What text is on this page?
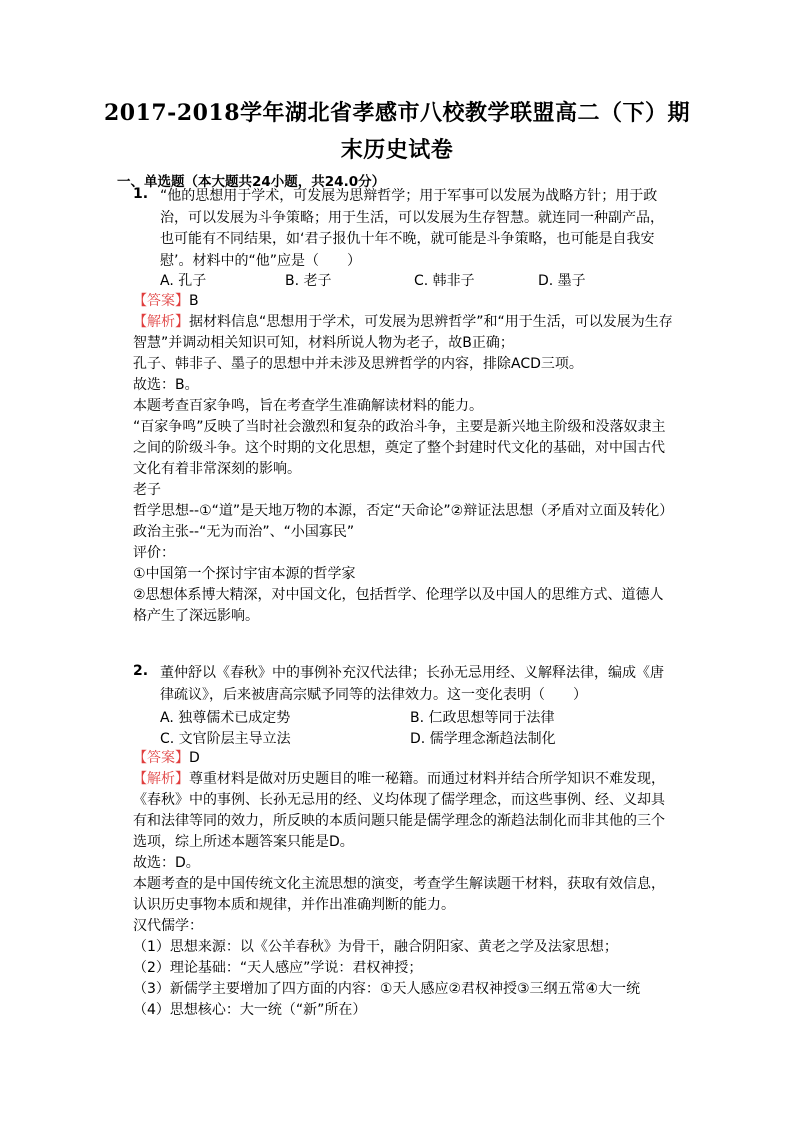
2017-2018学年湖北省孝感市八校教学联盟高二（下）期
末历史试卷
一、单选题（本大题共24小题，共24.0分）
1. “他的思想用于学术，可发展为思辩哲学；用于军事可以发展为战略方针；用于政治，可以发展为斗争策略；用于生活，可以发展为生存智慧。就连同一种副产品，也可能有不同结果，如‘君子报仇十年不晚，就可能是斗争策略，也可能是自我安慰’。材料中的“他”应是（　　）
A. 孔子	B. 老子	C. 韩非子	D. 墨子

【答案】B

【解析】据材料信息“思想用于学术，可发展为思辨哲学”和“用于生活，可以发展为生存智慧”并调动相关知识可知，材料所说人物为老子，故B正确；

孔子、韩非子、墨子的思想中并未涉及思辨哲学的内容，排除ACD三项。

故选：B。

本题考查百家争鸣，旨在考查学生准确解读材料的能力。

“百家争鸣”反映了当时社会激烈和复杂的政治斗争，主要是新兴地主阶级和没落奴隶主之间的阶级斗争。这个时期的文化思想，奠定了整个封建时代文化的基础，对中国古代文化有着非常深刻的影响。

老子

哲学思想--①“道”是天地万物的本源，否定“天命论”②辩证法思想（矛盾对立面及转化）

政治主张--“无为而治”、“小国寡民”

评价：

①中国第一个探讨宇宙本源的哲学家

②思想体系博大精深，对中国文化，包括哲学、伦理学以及中国人的思维方式、道德人格产生了深远影响。

2. 董仲舒以《春秋》中的事例补充汉代法律；长孙无忌用经、义解释法律，编成《唐律疏议》，后来被唐高宗赋予同等的法律效力。这一变化表明（　　）
A. 独尊儒术已成定势	B. 仁政思想等同于法律
C. 文官阶层主导立法	D. 儒学理念渐趋法制化

【答案】D

【解析】尊重材料是做对历史题目的唯一秘籍。而通过材料并结合所学知识不难发现，《春秋》中的事例、长孙无忌用的经、义均体现了儒学理念，而这些事例、经、义却具有和法律等同的效力，所反映的本质问题只能是儒学理念的渐趋法制化而非其他的三个选项，综上所述本题答案只能是D。

故选：D。

本题考查的是中国传统文化主流思想的演变，考查学生解读题干材料，获取有效信息，认识历史事物本质和规律，并作出准确判断的能力。

汉代儒学：

（1）思想来源：以《公羊春秋》为骨干，融合阴阳家、黄老之学及法家思想；

（2）理论基础：“天人感应”学说：君权神授；

（3）新儒学主要增加了四方面的内容：①天人感应②君权神授③三纲五常④大一统

（4）思想核心：大一统（“新”所在）
